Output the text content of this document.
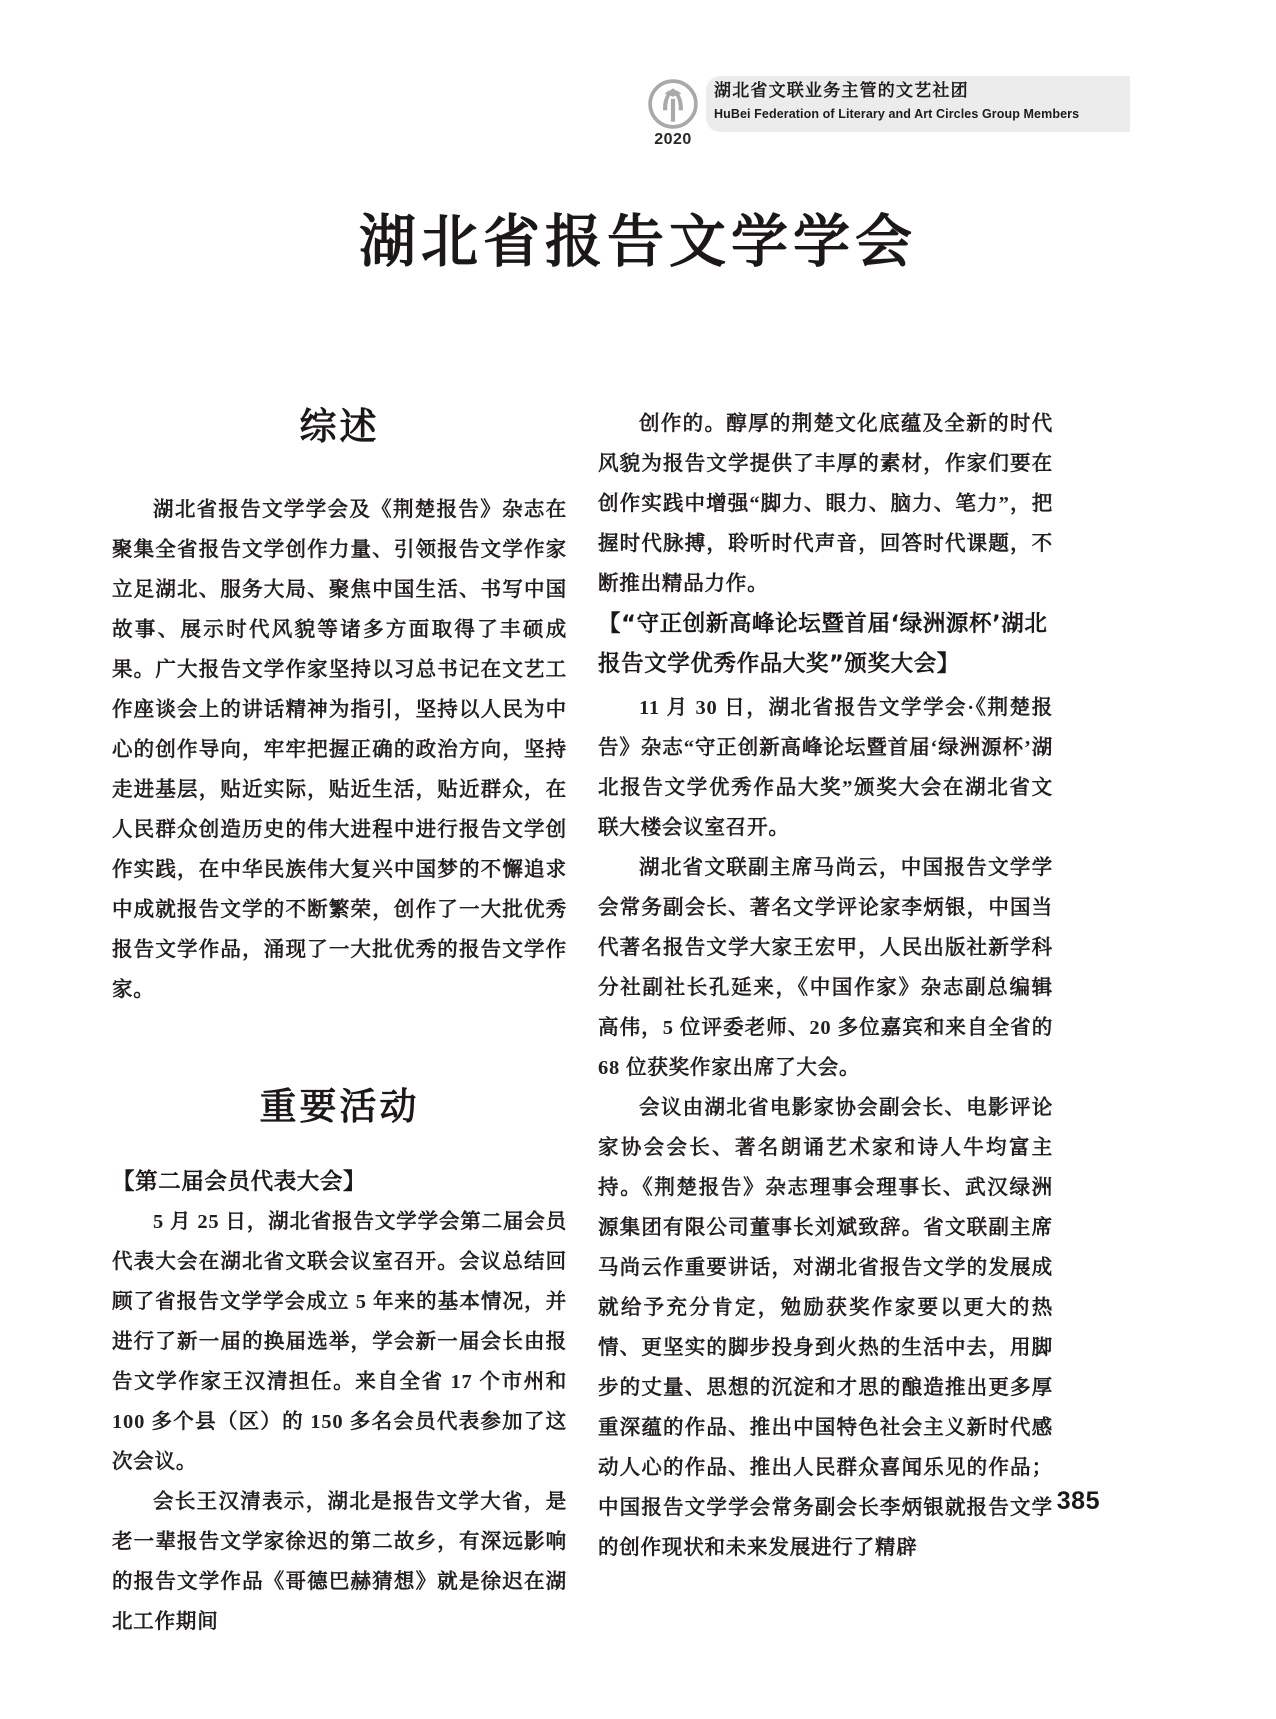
2020
湖北省文联业务主管的文艺社团
HuBei Federation of Literary and Art Circles Group Members
湖北省报告文学学会
综述

湖北省报告文学学会及《荆楚报告》杂志在聚集全省报告文学创作力量、引领报告文学作家立足湖北、服务大局、聚焦中国生活、书写中国故事、展示时代风貌等诸多方面取得了丰硕成果。广大报告文学作家坚持以习总书记在文艺工作座谈会上的讲话精神为指引，坚持以人民为中心的创作导向，牢牢把握正确的政治方向，坚持走进基层，贴近实际，贴近生活，贴近群众，在人民群众创造历史的伟大进程中进行报告文学创作实践，在中华民族伟大复兴中国梦的不懈追求中成就报告文学的不断繁荣，创作了一大批优秀报告文学作品，涌现了一大批优秀的报告文学作家。

重要活动
【第二届会员代表大会】

5 月 25 日，湖北省报告文学学会第二届会员代表大会在湖北省文联会议室召开。会议总结回顾了省报告文学学会成立 5 年来的基本情况，并进行了新一届的换届选举，学会新一届会长由报告文学作家王汉清担任。来自全省 17 个市州和 100 多个县（区）的 150 多名会员代表参加了这次会议。

会长王汉清表示，湖北是报告文学大省，是老一辈报告文学家徐迟的第二故乡，有深远影响的报告文学作品《哥德巴赫猜想》就是徐迟在湖北工作期间

创作的。醇厚的荆楚文化底蕴及全新的时代风貌为报告文学提供了丰厚的素材，作家们要在创作实践中增强“脚力、眼力、脑力、笔力”，把握时代脉搏，聆听时代声音，回答时代课题，不断推出精品力作。

【“守正创新高峰论坛暨首届‘绿洲源杯’湖北报告文学优秀作品大奖”颁奖大会】

11 月 30 日，湖北省报告文学学会·《荆楚报告》杂志“守正创新高峰论坛暨首届‘绿洲源杯’湖北报告文学优秀作品大奖”颁奖大会在湖北省文联大楼会议室召开。

湖北省文联副主席马尚云，中国报告文学学会常务副会长、著名文学评论家李炳银，中国当代著名报告文学大家王宏甲，人民出版社新学科分社副社长孔延来，《中国作家》杂志副总编辑高伟，5 位评委老师、20 多位嘉宾和来自全省的 68 位获奖作家出席了大会。

会议由湖北省电影家协会副会长、电影评论家协会会长、著名朗诵艺术家和诗人牛均富主持。《荆楚报告》杂志理事会理事长、武汉绿洲源集团有限公司董事长刘斌致辞。省文联副主席马尚云作重要讲话，对湖北省报告文学的发展成就给予充分肯定，勉励获奖作家要以更大的热情、更坚实的脚步投身到火热的生活中去，用脚步的丈量、思想的沉淀和才思的酿造推出更多厚重深蕴的作品、推出中国特色社会主义新时代感动人心的作品、推出人民群众喜闻乐见的作品；中国报告文学学会常务副会长李炳银就报告文学的创作现状和未来发展进行了精辟

385
